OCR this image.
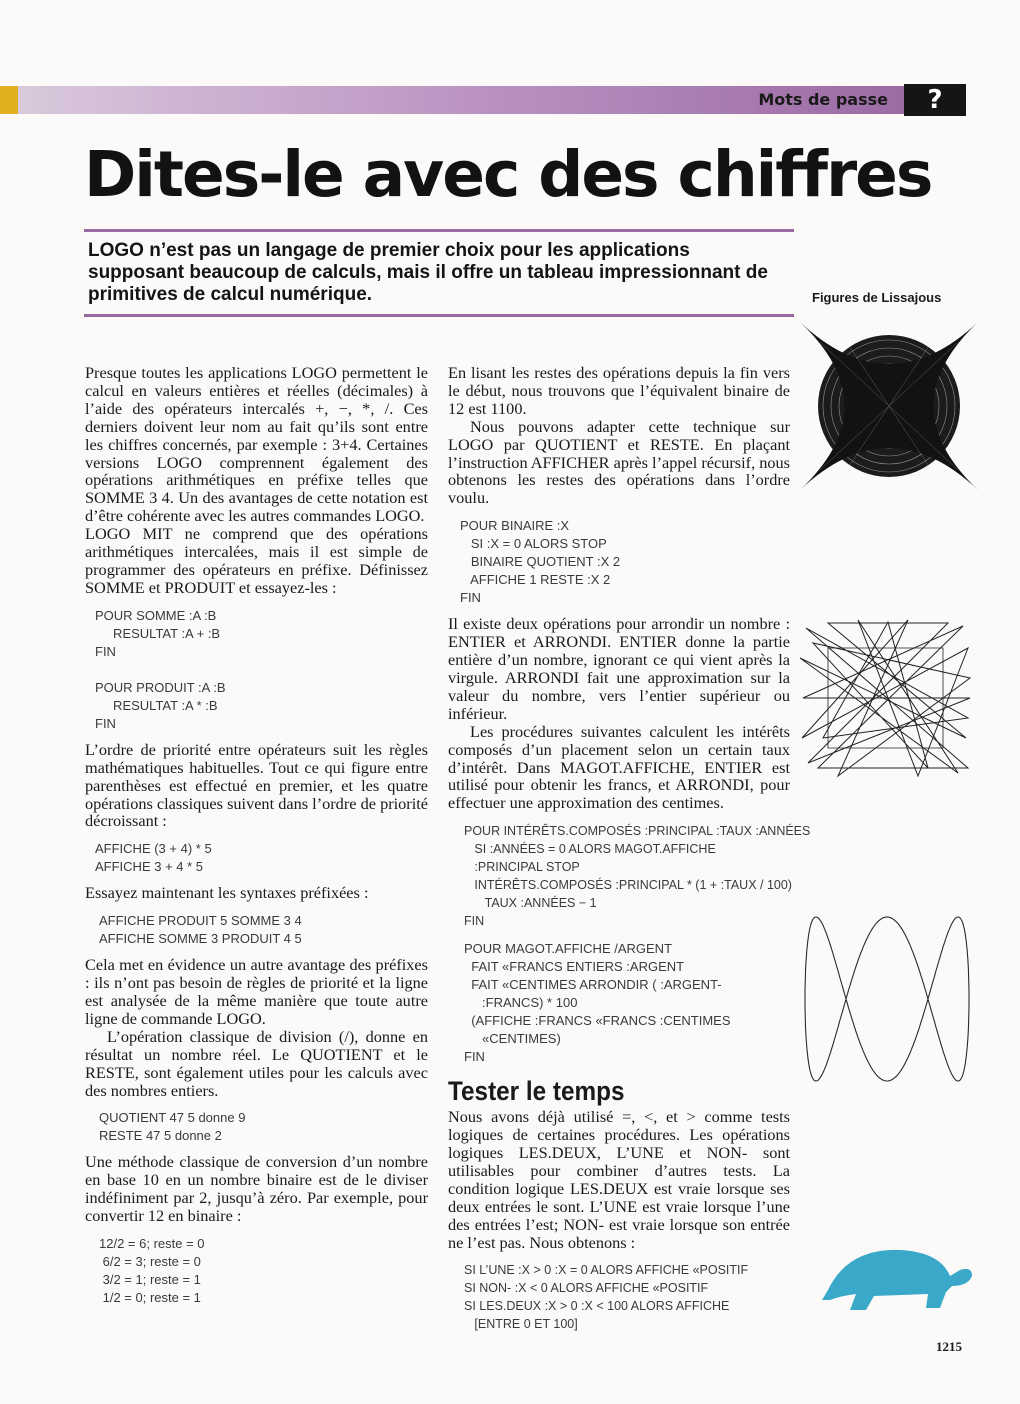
Mots de passe	?
Dites-le avec des chiffres
LOGO n’est pas un langage de premier choix pour les applications supposant beaucoup de calculs, mais il offre un tableau impressionnant de primitives de calcul numérique.	Figures de Lissajous

Presque toutes les applications LOGO permettent le calcul en valeurs entières et réelles (décimales) à l’aide des opérateurs intercalés +, −, *, /. Ces derniers doivent leur nom au fait qu’ils sont entre les chiffres concernés, par exemple : 3+4. Certaines versions LOGO comprennent également des opérations arithmétiques en préfixe telles que SOMME 3 4. Un des avantages de cette notation est d’être cohérente avec les autres commandes LOGO.

LOGO MIT ne comprend que des opérations arithmétiques intercalées, mais il est simple de programmer des opérateurs en préfixe. Définissez SOMME et PRODUIT et essayez-les :

POUR SOMME :A :B
RESULTAT :A + :B
FIN

POUR PRODUIT :A :B
RESULTAT :A * :B
FIN

L’ordre de priorité entre opérateurs suit les règles mathématiques habituelles. Tout ce qui figure entre parenthèses est effectué en premier, et les quatre opérations classiques suivent dans l’ordre de priorité décroissant :

AFFICHE (3 + 4) * 5
AFFICHE 3 + 4 * 5

Essayez maintenant les syntaxes préfixées :

AFFICHE PRODUIT 5 SOMME 3 4
AFFICHE SOMME 3 PRODUIT 4 5

Cela met en évidence un autre avantage des préfixes : ils n’ont pas besoin de règles de priorité et la ligne est analysée de la même manière que toute autre ligne de commande LOGO.

L’opération classique de division (/), donne en résultat un nombre réel. Le QUOTIENT et le RESTE, sont également utiles pour les calculs avec des nombres entiers.

QUOTIENT 47 5 donne 9
RESTE 47 5 donne 2

Une méthode classique de conversion d’un nombre en base 10 en un nombre binaire est de le diviser indéfiniment par 2, jusqu’à zéro. Par exemple, pour convertir 12 en binaire :

12/2 = 6; reste = 0
6/2 = 3; reste = 0
3/2 = 1; reste = 1
1/2 = 0; reste = 1

En lisant les restes des opérations depuis la fin vers le début, nous trouvons que l’équivalent binaire de 12 est 1100.

Nous pouvons adapter cette technique sur LOGO par QUOTIENT et RESTE. En plaçant l’instruction AFFICHER après l’appel récursif, nous obtenons les restes des opérations dans l’ordre voulu.

POUR BINAIRE :X
SI :X = 0 ALORS STOP
BINAIRE QUOTIENT :X 2
AFFICHE 1 RESTE :X 2
FIN

Il existe deux opérations pour arrondir un nombre : ENTIER et ARRONDI. ENTIER donne la partie entière d’un nombre, ignorant ce qui vient après la virgule. ARRONDI fait une approximation sur la valeur du nombre, vers l’entier supérieur ou inférieur.

Les procédures suivantes calculent les intérêts composés d’un placement selon un certain taux d’intérêt. Dans MAGOT.AFFICHE, ENTIER est utilisé pour obtenir les francs, et ARRONDI, pour effectuer une approximation des centimes.

POUR INTÉRÊTS.COMPOSÉS :PRINCIPAL :TAUX :ANNÉES
SI :ANNÉES = 0 ALORS MAGOT.AFFICHE
:PRINCIPAL STOP
INTÉRÊTS.COMPOSÉS :PRINCIPAL * (1 + :TAUX / 100)
TAUX :ANNÉES − 1
FIN
POUR MAGOT.AFFICHE /ARGENT
FAIT «FRANCS ENTIERS :ARGENT
FAIT «CENTIMES ARRONDIR ( :ARGENT-
:FRANCS) * 100
(AFFICHE :FRANCS «FRANCS :CENTIMES
«CENTIMES)
FIN
Tester le temps

Nous avons déjà utilisé =, <, et > comme tests logiques de certaines procédures. Les opérations logiques LES.DEUX, L’UNE et NON- sont utilisables pour combiner d’autres tests. La condition logique LES.DEUX est vraie lorsque ses deux entrées le sont. L’UNE est vraie lorsque l’une des entrées l’est; NON- est vraie lorsque son entrée ne l’est pas. Nous obtenons :

SI L’UNE :X > 0 :X = 0 ALORS AFFICHE «POSITIF
SI NON- :X < 0 ALORS AFFICHE «POSITIF
SI LES.DEUX :X > 0 :X < 100 ALORS AFFICHE
[ENTRE 0 ET 100]
1215
